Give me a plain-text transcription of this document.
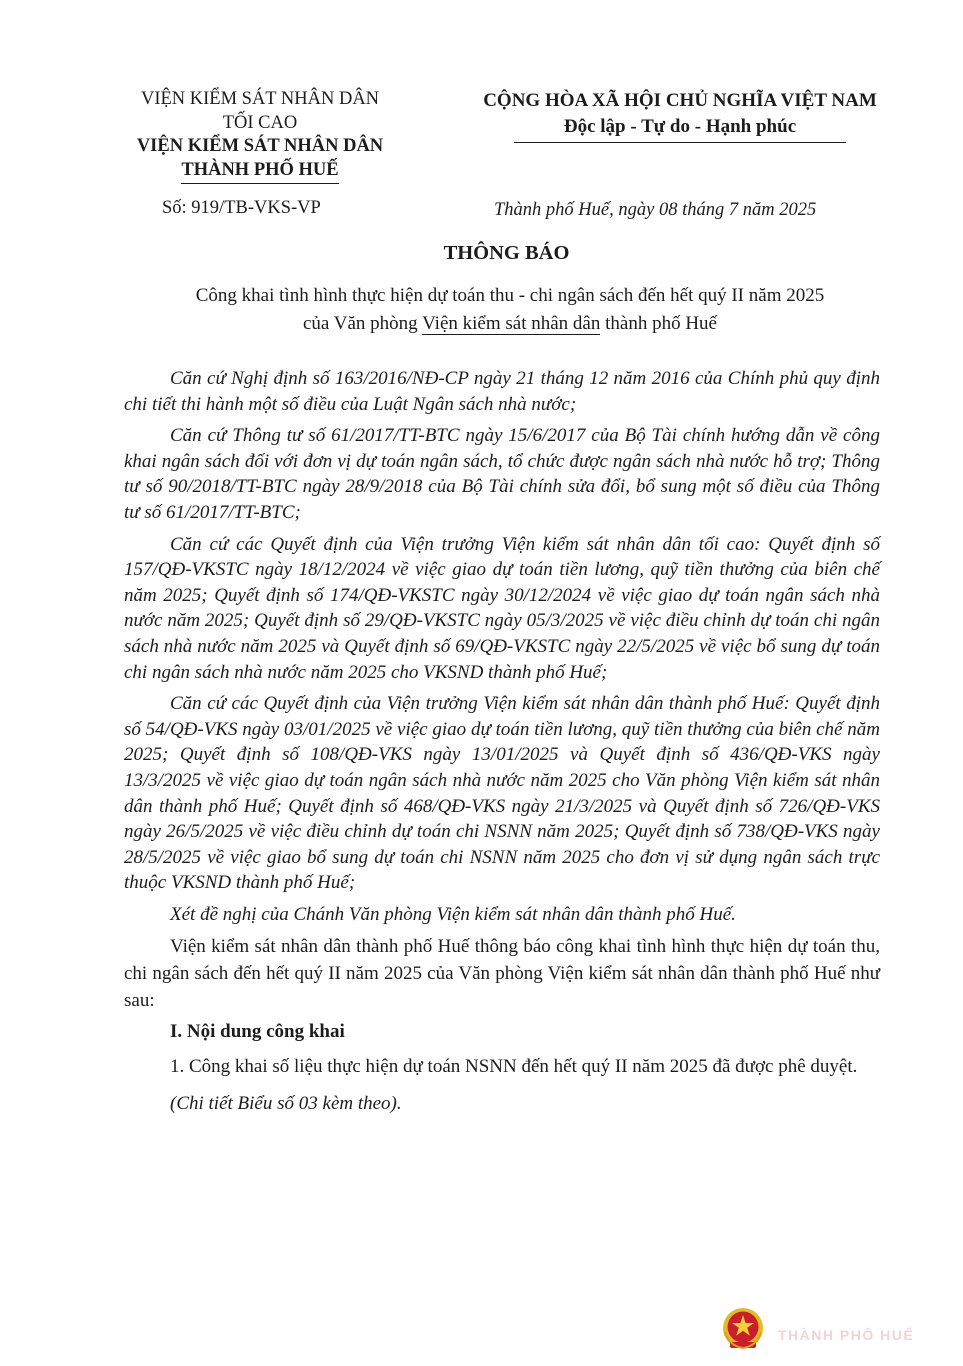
VIỆN KIỂM SÁT NHÂN DÂN
TỐI CAO
VIỆN KIỂM SÁT NHÂN DÂN
THÀNH PHỐ HUẾ
CỘNG HÒA XÃ HỘI CHỦ NGHĨA VIỆT NAM
Độc lập - Tự do - Hạnh phúc
Số: 919/TB-VKS-VP	Thành phố Huế, ngày 08 tháng 7 năm 2025
THÔNG BÁO
Công khai tình hình thực hiện dự toán thu - chi ngân sách đến hết quý II năm 2025
của Văn phòng Viện kiểm sát nhân dân thành phố Huế

Căn cứ Nghị định số 163/2016/NĐ-CP ngày 21 tháng 12 năm 2016 của Chính phủ quy định chi tiết thi hành một số điều của Luật Ngân sách nhà nước;

Căn cứ Thông tư số 61/2017/TT-BTC ngày 15/6/2017 của Bộ Tài chính hướng dẫn về công khai ngân sách đối với đơn vị dự toán ngân sách, tổ chức được ngân sách nhà nước hỗ trợ; Thông tư số 90/2018/TT-BTC ngày 28/9/2018 của Bộ Tài chính sửa đổi, bổ sung một số điều của Thông tư số 61/2017/TT-BTC;

Căn cứ các Quyết định của Viện trưởng Viện kiểm sát nhân dân tối cao: Quyết định số 157/QĐ-VKSTC ngày 18/12/2024 về việc giao dự toán tiền lương, quỹ tiền thưởng của biên chế năm 2025; Quyết định số 174/QĐ-VKSTC ngày 30/12/2024 về việc giao dự toán ngân sách nhà nước năm 2025; Quyết định số 29/QĐ-VKSTC ngày 05/3/2025 về việc điều chỉnh dự toán chi ngân sách nhà nước năm 2025 và Quyết định số 69/QĐ-VKSTC ngày 22/5/2025 về việc bổ sung dự toán chi ngân sách nhà nước năm 2025 cho VKSND thành phố Huế;

Căn cứ các Quyết định của Viện trưởng Viện kiểm sát nhân dân thành phố Huế: Quyết định số 54/QĐ-VKS ngày 03/01/2025 về việc giao dự toán tiền lương, quỹ tiền thưởng của biên chế năm 2025; Quyết định số 108/QĐ-VKS ngày 13/01/2025 và Quyết định số 436/QĐ-VKS ngày 13/3/2025 về việc giao dự toán ngân sách nhà nước năm 2025 cho Văn phòng Viện kiểm sát nhân dân thành phố Huế; Quyết định số 468/QĐ-VKS ngày 21/3/2025 và Quyết định số 726/QĐ-VKS ngày 26/5/2025 về việc điều chỉnh dự toán chi NSNN năm 2025; Quyết định số 738/QĐ-VKS ngày 28/5/2025 về việc giao bổ sung dự toán chi NSNN năm 2025 cho đơn vị sử dụng ngân sách trực thuộc VKSND thành phố Huế;

Xét đề nghị của Chánh Văn phòng Viện kiểm sát nhân dân thành phố Huế.

Viện kiểm sát nhân dân thành phố Huế thông báo công khai tình hình thực hiện dự toán thu, chi ngân sách đến hết quý II năm 2025 của Văn phòng Viện kiểm sát nhân dân thành phố Huế như sau:

I. Nội dung công khai

1. Công khai số liệu thực hiện dự toán NSNN đến hết quý II năm 2025 đã được phê duyệt.

(Chi tiết Biểu số 03 kèm theo).

THÀNH PHỐ HUẾ
